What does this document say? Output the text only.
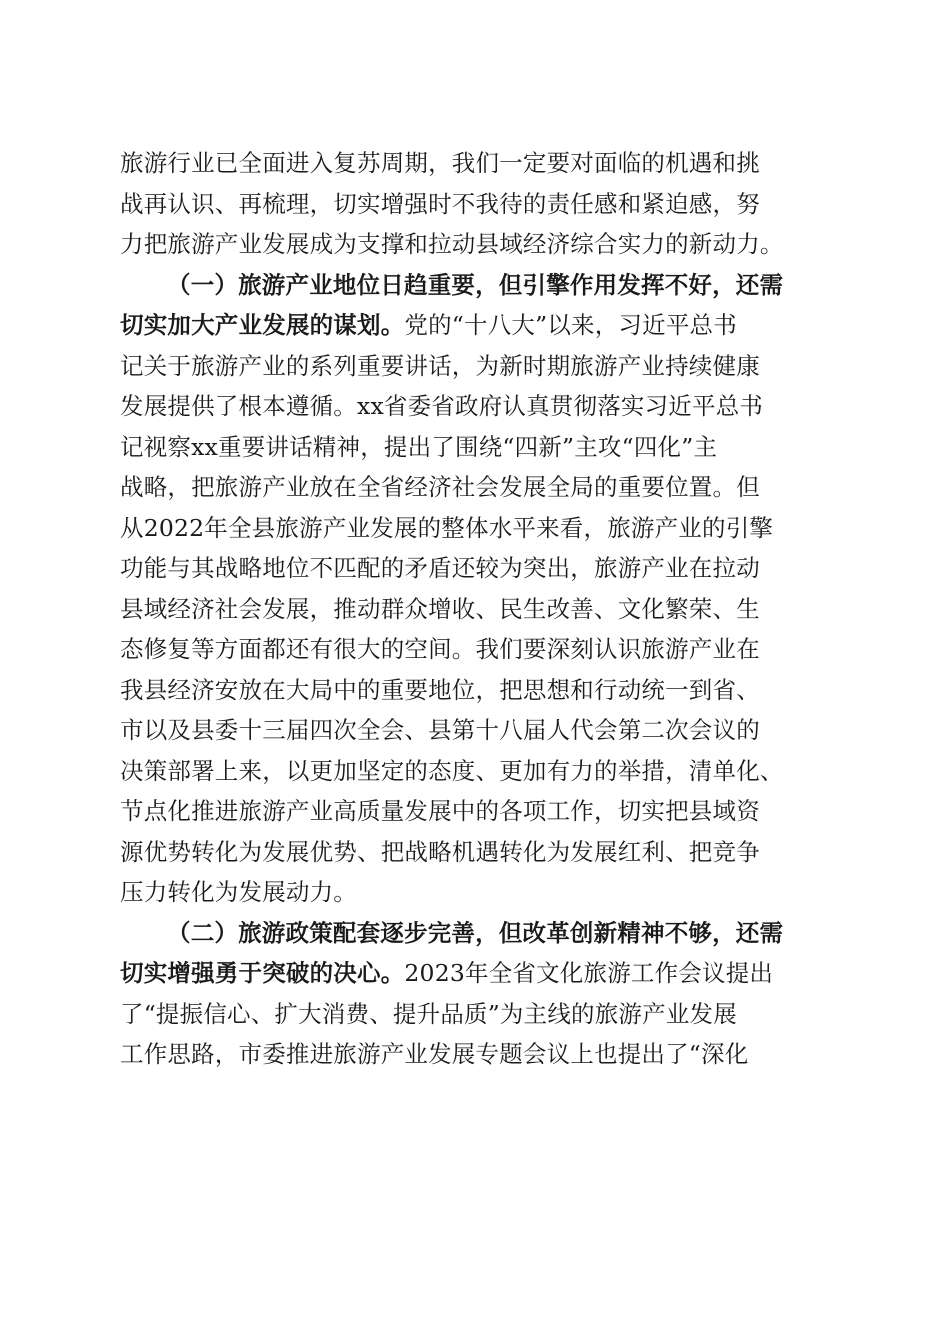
旅游行业已全面进入复苏周期，我们一定要对面临的机遇和挑
战再认识、再梳理，切实增强时不我待的责任感和紧迫感，努
力把旅游产业发展成为支撑和拉动县域经济综合实力的新动力。
（一）旅游产业地位日趋重要，但引擎作用发挥不好，还需
切实加大产业发展的谋划。党的“十八大”以来，习近平总书
记关于旅游产业的系列重要讲话，为新时期旅游产业持续健康
发展提供了根本遵循。xx省委省政府认真贯彻落实习近平总书
记视察xx重要讲话精神，提出了围绕“四新”主攻“四化”主
战略，把旅游产业放在全省经济社会发展全局的重要位置。但
从2022年全县旅游产业发展的整体水平来看，旅游产业的引擎
功能与其战略地位不匹配的矛盾还较为突出，旅游产业在拉动
县域经济社会发展，推动群众增收、民生改善、文化繁荣、生
态修复等方面都还有很大的空间。我们要深刻认识旅游产业在
我县经济安放在大局中的重要地位，把思想和行动统一到省、
市以及县委十三届四次全会、县第十八届人代会第二次会议的
决策部署上来，以更加坚定的态度、更加有力的举措，清单化、
节点化推进旅游产业高质量发展中的各项工作，切实把县域资
源优势转化为发展优势、把战略机遇转化为发展红利、把竞争
压力转化为发展动力。
（二）旅游政策配套逐步完善，但改革创新精神不够，还需
切实增强勇于突破的决心。2023年全省文化旅游工作会议提出
了“提振信心、扩大消费、提升品质”为主线的旅游产业发展
工作思路，市委推进旅游产业发展专题会议上也提出了“深化
